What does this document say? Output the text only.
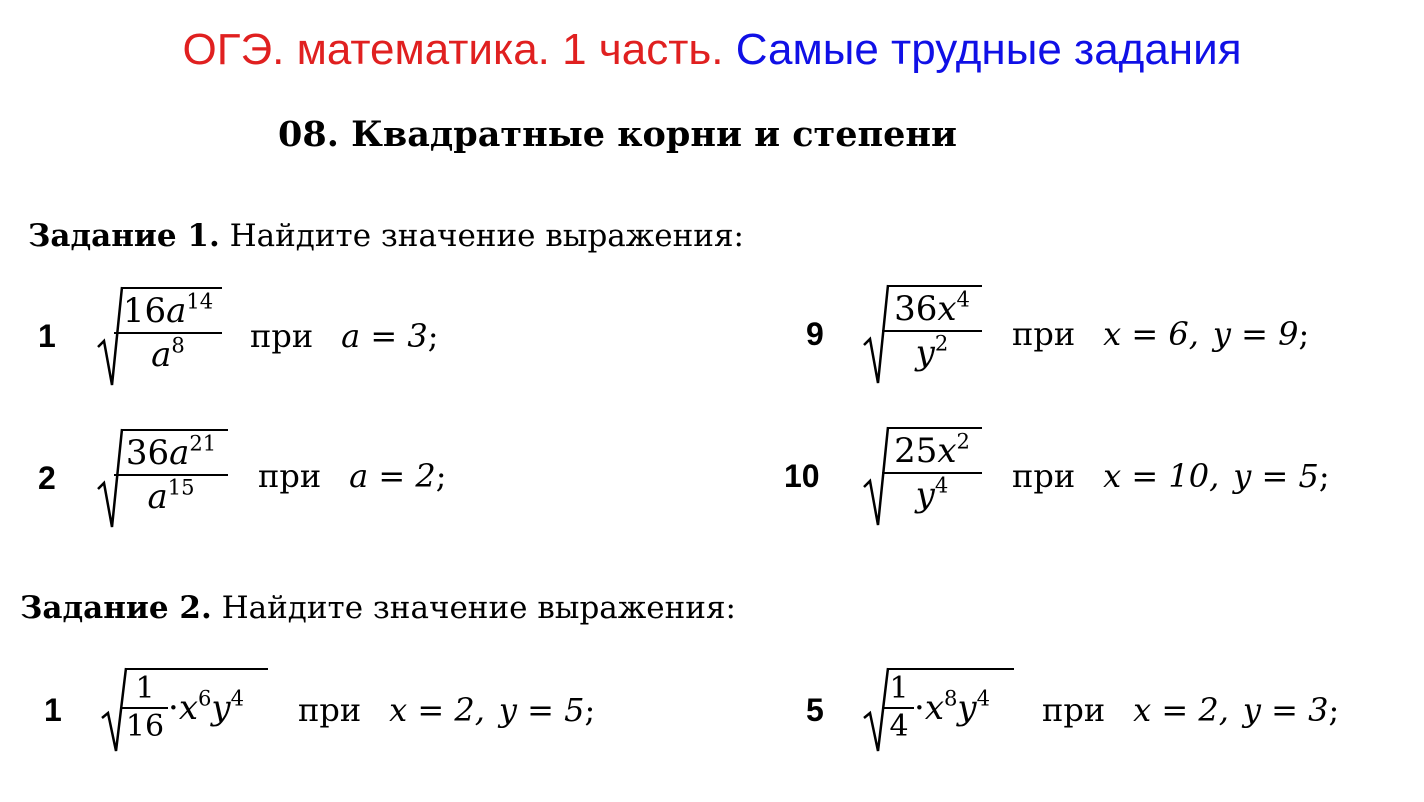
ОГЭ. математика. 1 часть. Самые трудные задания
08. Квадратные корни и степени
Задание 1. Найдите значение выражения:
1
$16a^{14}$
$a^8$	при a = 3;
2
$36a^{21}$
$a^{15}$	при a = 2;
9
$36x^4$
$y^2$	при x = 6, y = 9;
10
$25x^2$
$y^4$	при x = 10, y = 5;
Задание 2. Найдите значение выражения:
1
1
$16 \cdot x^6y^4$ при x = 2, y = 5;	5
1
$4 \cdot x^8y^4$ при x = 2, y = 3;
